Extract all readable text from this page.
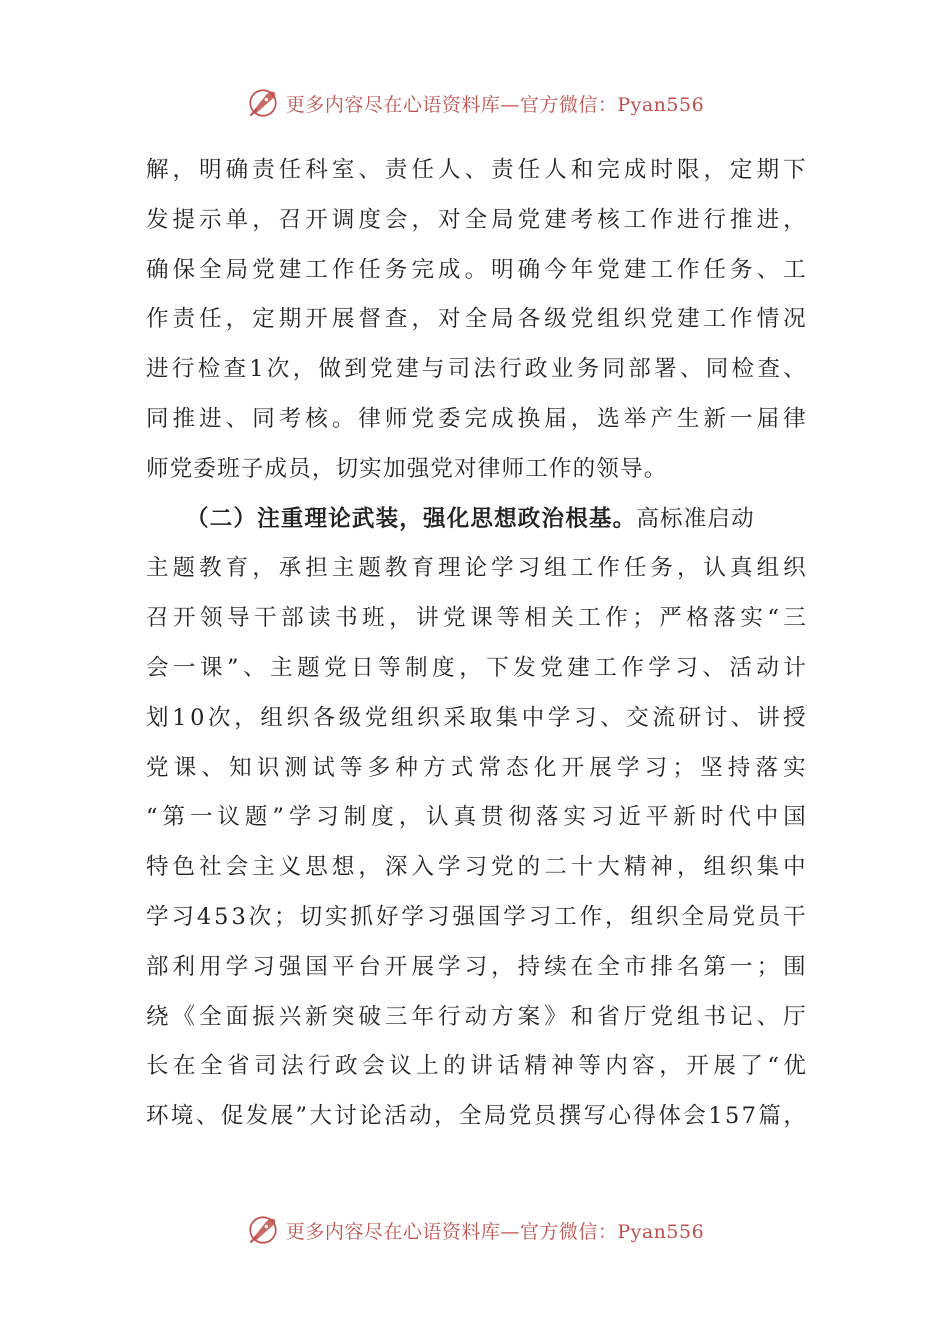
更多内容尽在心语资料库—官方微信：Pyan556
解 ， 明 确 责 任 科 室 、 责 任 人 、 责 任 人 和 完 成 时 限 ， 定 期 下
发 提 示 单 ， 召 开 调 度 会 ， 对 全 局 党 建 考 核 工 作 进 行 推 进 ，
确 保 全 局 党 建 工 作 任 务 完 成 。 明 确 今 年 党 建 工 作 任 务 、 工
作 责 任 ， 定 期 开 展 督 查 ， 对 全 局 各 级 党 组 织 党 建 工 作 情 况
进 行 检 查 1 次 ， 做 到 党 建 与 司 法 行 政 业 务 同 部 署 、 同 检 查 、
同 推 进 、 同 考 核 。 律 师 党 委 完 成 换 届 ， 选 举 产 生 新 一 届 律
师党委班子成员，切实加强党对律师工作的领导。
（二）注重理论武装，强化思想政治根基。高标准启动
主 题 教 育 ， 承 担 主 题 教 育 理 论 学 习 组 工 作 任 务 ， 认 真 组 织
召 开 领 导 干 部 读 书 班 ， 讲 党 课 等 相 关 工 作 ； 严 格 落 实 “ 三
会 一 课 ” 、 主 题 党 日 等 制 度 ， 下 发 党 建 工 作 学 习 、 活 动 计
划 1 0 次 ， 组 织 各 级 党 组 织 采 取 集 中 学 习 、 交 流 研 讨 、 讲 授
党 课 、 知 识 测 试 等 多 种 方 式 常 态 化 开 展 学 习 ； 坚 持 落 实
“ 第 一 议 题 ” 学 习 制 度 ， 认 真 贯 彻 落 实 习 近 平 新 时 代 中 国
特 色 社 会 主 义 思 想 ， 深 入 学 习 党 的 二 十 大 精 神 ， 组 织 集 中
学 习 4 5 3 次 ； 切 实 抓 好 学 习 强 国 学 习 工 作 ， 组 织 全 局 党 员 干
部 利 用 学 习 强 国 平 台 开 展 学 习 ， 持 续 在 全 市 排 名 第 一 ； 围
绕 《 全 面 振 兴 新 突 破 三 年 行 动 方 案 》 和 省 厅 党 组 书 记 、 厅
长 在 全 省 司 法 行 政 会 议 上 的 讲 话 精 神 等 内 容 ， 开 展 了 “ 优
环 境 、 促 发 展 ” 大 讨 论 活 动 ， 全 局 党 员 撰 写 心 得 体 会 1 5 7 篇 ，
更多内容尽在心语资料库—官方微信：Pyan556
